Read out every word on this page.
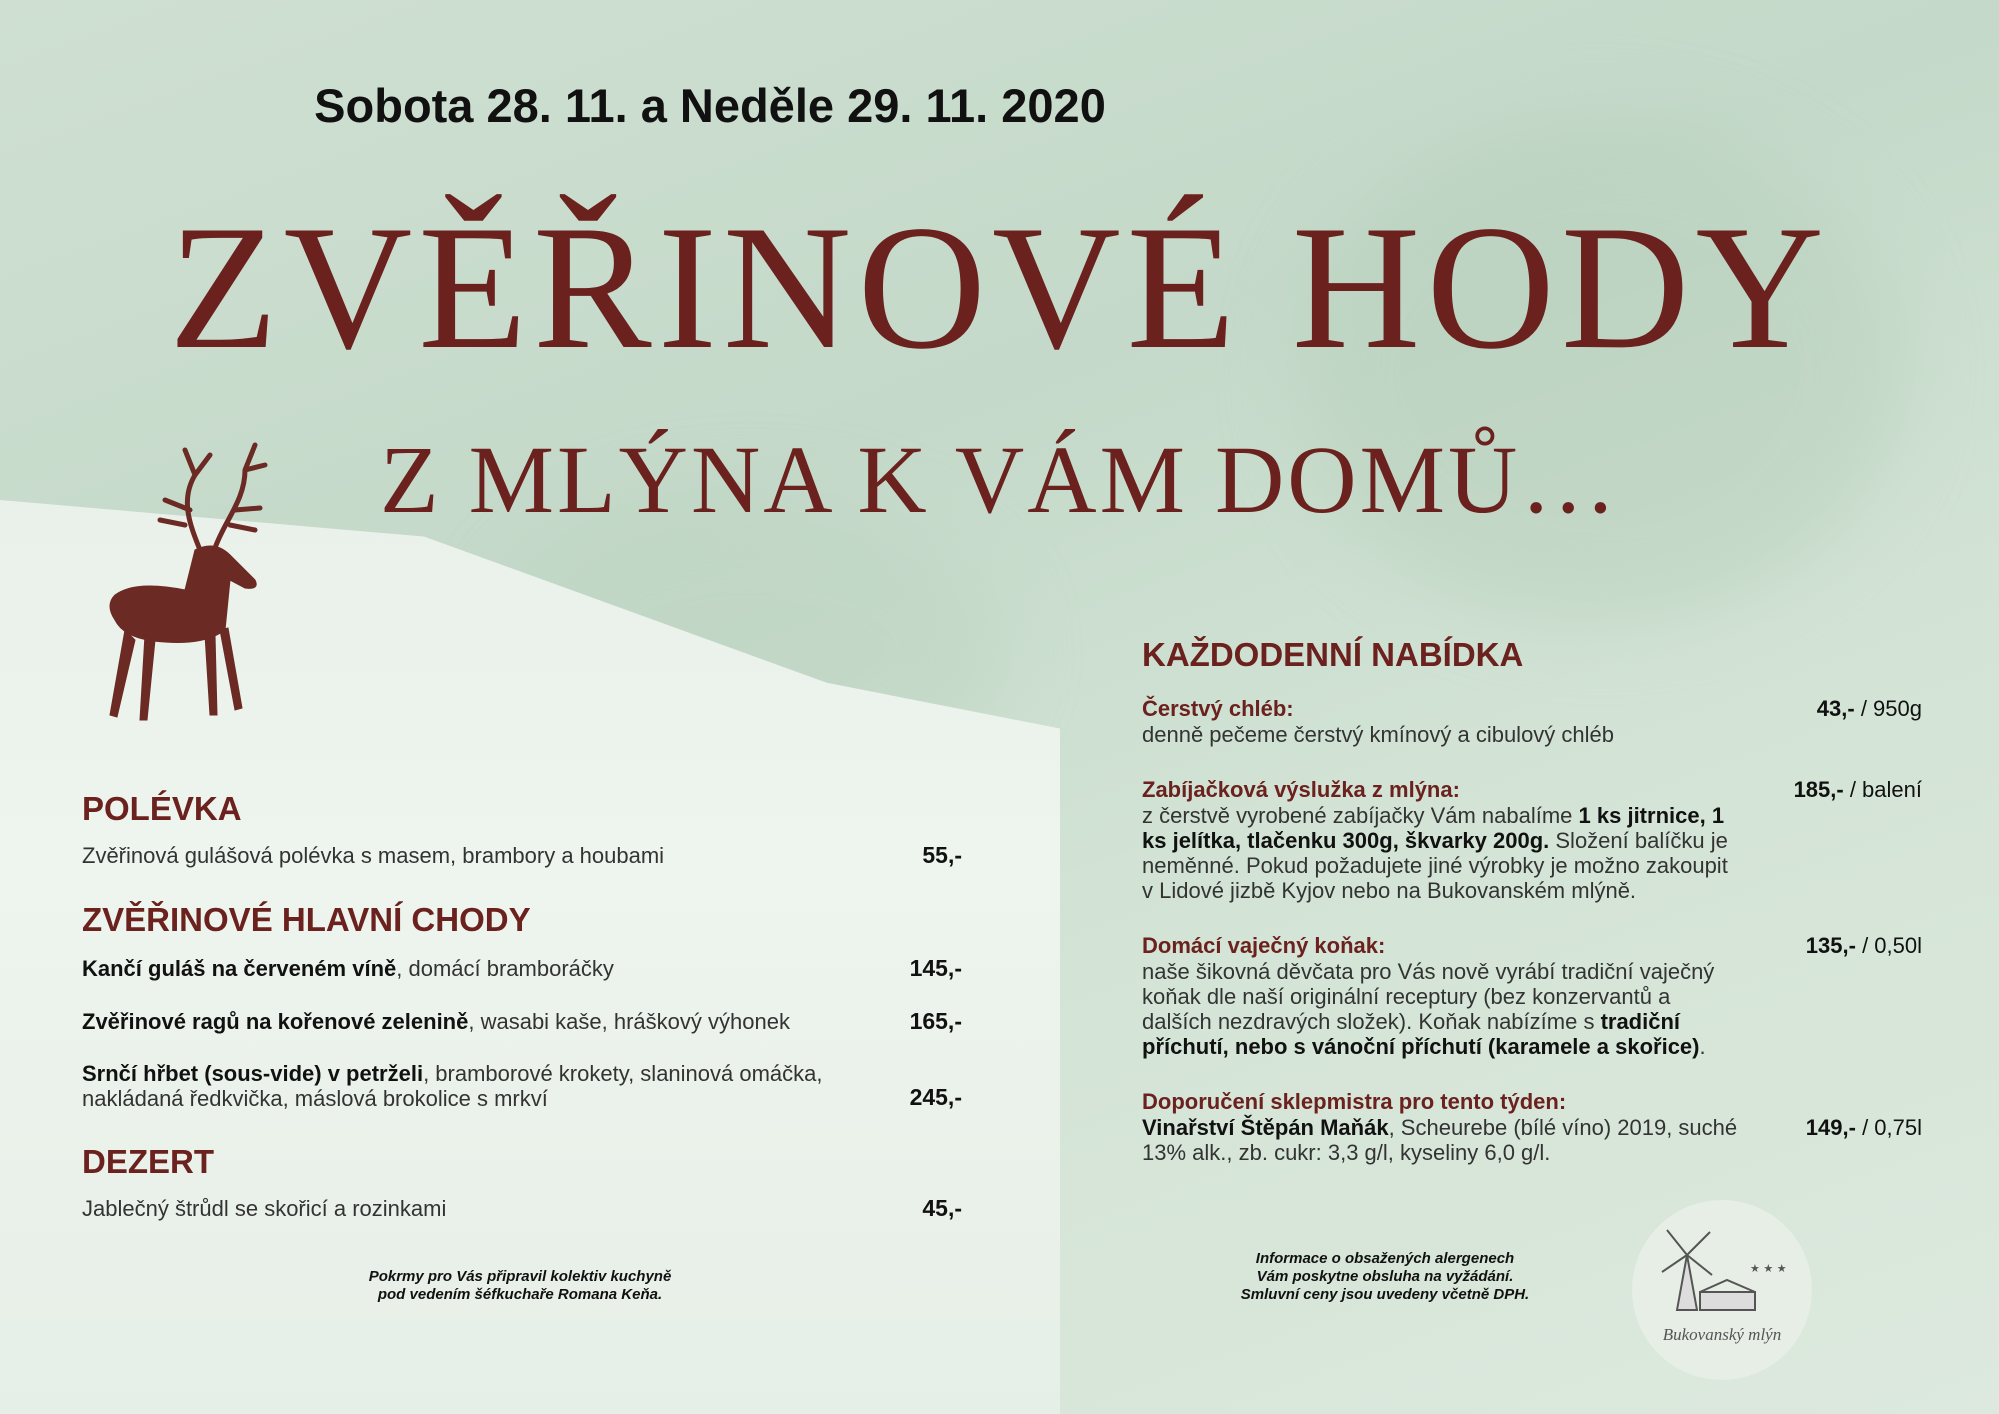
Sobota 28. 11. a Neděle 29. 11. 2020
ZVĚŘINOVÉ HODY
Z MLÝNA K VÁM DOMŮ…
POLÉVKA
Zvěřinová gulášová polévka s masem, brambory a houbami	55,-
ZVĚŘINOVÉ HLAVNÍ CHODY
Kančí guláš na červeném víně, domácí bramboráčky	145,-
Zvěřinové ragů na kořenové zelenině, wasabi kaše, hráškový výhonek	165,-
Srnčí hřbet (sous-vide) v petrželi, bramborové krokety, slaninová omáčka,
nakládaná ředkvička, máslová brokolice s mrkví	245,-
DEZERT
Jablečný štrůdl se skořicí a rozinkami	45,-
KAŽDODENNÍ NABÍDKA
Čerstvý chléb:	43,- / 950g
denně pečeme čerstvý kmínový a cibulový chléb
Zabíjačková výslužka z mlýna:	185,- / balení
z čerstvě vyrobené zabíjačky Vám nabalíme 1 ks jitrnice, 1 ks jelítka, tlačenku 300g, škvarky 200g. Složení balíčku je neměnné. Pokud požadujete jiné výrobky je možno zakoupit v Lidové jizbě Kyjov nebo na Bukovanském mlýně.
Domácí vaječný koňak:	135,- / 0,50l
naše šikovná děvčata pro Vás nově vyrábí tradiční vaječný koňak dle naší originální receptury (bez konzervantů a dalších nezdravých složek). Koňak nabízíme s tradiční příchutí, nebo s vánoční příchutí (karamele a skořice).
Doporučení sklepmistra pro tento týden:
Vinařství Štěpán Maňák, Scheurebe (bílé víno) 2019, suché 13% alk., zb. cukr: 3,3 g/l, kyseliny 6,0 g/l.
149,- / 0,75l
Pokrmy pro Vás připravil kolektiv kuchyně
pod vedením šéfkuchaře Romana Keňa.
Informace o obsažených alergenech
Vám poskytne obsluha na vyžádání.
Smluvní ceny jsou uvedeny včetně DPH.
★ ★ ★
Bukovanský mlýn
